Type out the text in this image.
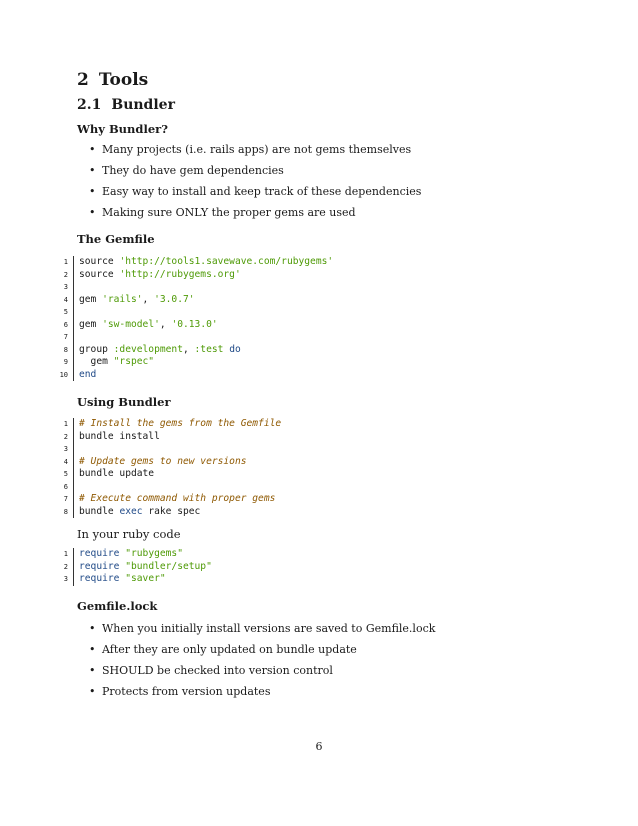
2 Tools
2.1 Bundler
Why Bundler?
• Many projects (i.e. rails apps) are not gems themselves
• They do have gem dependencies
• Easy way to install and keep track of these dependencies
• Making sure ONLY the proper gems are used
The Gemfile
1 source 'http://tools1.savewave.com/rubygems'
2 source 'http://rubygems.org'
3
4 gem 'rails', '3.0.7'
5
6 gem 'sw-model', '0.13.0'
7
8 group :development, :test do
9 gem "rspec"
10 end
Using Bundler
1 # Install the gems from the Gemfile
2 bundle install
3
4 # Update gems to new versions
5 bundle update
6
7 # Execute command with proper gems
8 bundle exec rake spec

In your ruby code

1 require "rubygems"
2 require "bundler/setup"
3 require "saver"
Gemfile.lock
• When you initially install versions are saved to Gemfile.lock
• After they are only updated on bundle update
• SHOULD be checked into version control
• Protects from version updates
6
